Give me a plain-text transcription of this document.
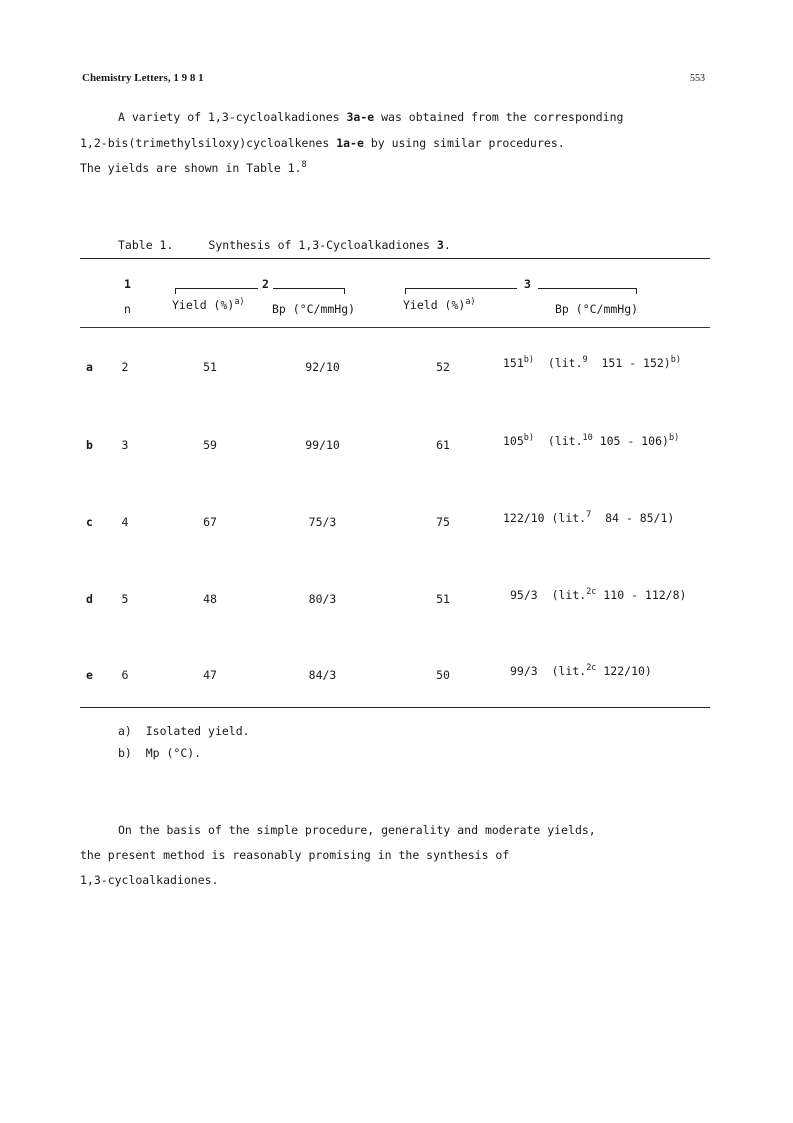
Chemistry Letters, 1 9 8 1	553
A variety of 1,3-cycloalkadiones 3a-e was obtained from the corresponding
1,2-bis(trimethylsiloxy)cycloalkenes 1a-e by using similar procedures.
The yields are shown in Table 1.$^8$
Table 1.	Synthesis of 1,3-Cycloalkadiones 3.
1	2	3
n	Yield (%)$^{a)}$ Bp (°C/mmHg)	Yield (%)$^{a)}$	Bp (°C/mmHg)
a	2	51	92/10	52	151$^{b)}$ (lit.$^9$ 151 - 152)$^{b)}$
b	3	59	99/10	61	105$^{b)}$ (lit.$^{10}$ 105 - 106)$^{b)}$
c	4	67	75/3	75	122/10 (lit.$^7$ 84 - 85/1)
d	5	48	80/3	51	95/3 (lit.$^{2c}$ 110 - 112/8)
e	6	47	84/3	50	99/3 (lit.$^{2c}$ 122/10)
a) Isolated yield.
b) Mp (°C).
On the basis of the simple procedure, generality and moderate yields,
the present method is reasonably promising in the synthesis of
1,3-cycloalkadiones.
